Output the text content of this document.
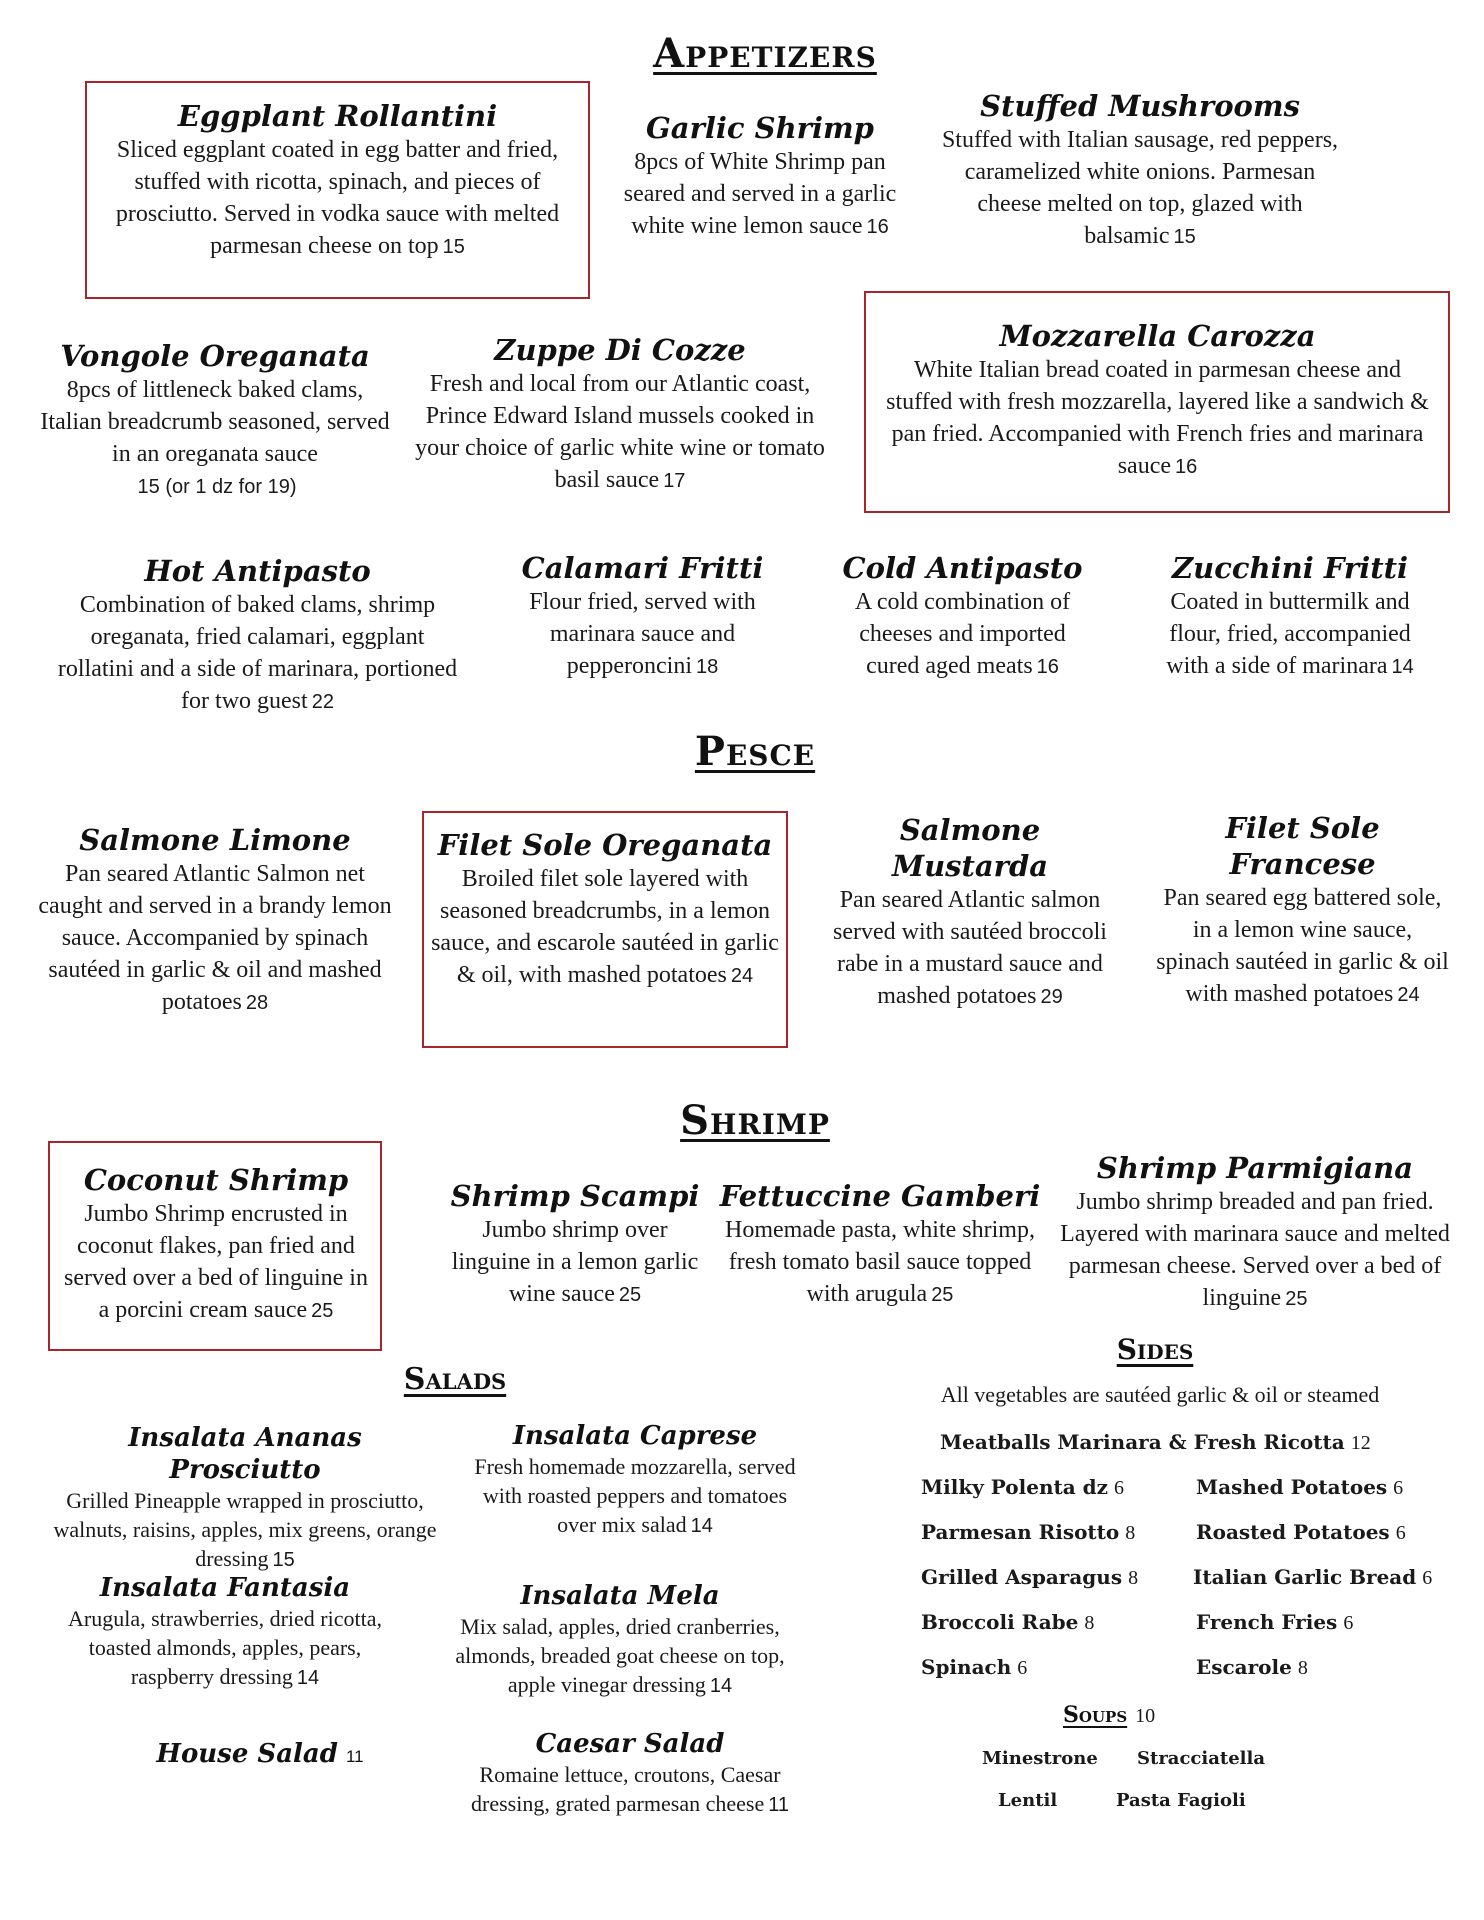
Appetizers
Eggplant Rollantini
Sliced eggplant coated in egg batter and fried, stuffed with ricotta, spinach, and pieces of prosciutto. Served in vodka sauce with melted parmesan cheese on top 15
Garlic Shrimp
8pcs of White Shrimp pan seared and served in a garlic white wine lemon sauce 16
Stuffed Mushrooms
Stuffed with Italian sausage, red peppers, caramelized white onions. Parmesan cheese melted on top, glazed with balsamic 15
Vongole Oreganata
8pcs of littleneck baked clams, Italian breadcrumb seasoned, served in an oreganata sauce
15 (or 1 dz for 19)
Zuppe Di Cozze
Fresh and local from our Atlantic coast, Prince Edward Island mussels cooked in your choice of garlic white wine or tomato basil sauce 17
Mozzarella Carozza
White Italian bread coated in parmesan cheese and stuffed with fresh mozzarella, layered like a sandwich & pan fried. Accompanied with French fries and marinara sauce 16
Hot Antipasto
Combination of baked clams, shrimp oreganata, fried calamari, eggplant rollatini and a side of marinara, portioned for two guest 22
Calamari Fritti
Flour fried, served with marinara sauce and pepperoncini 18
Cold Antipasto
A cold combination of cheeses and imported cured aged meats 16
Zucchini Fritti
Coated in buttermilk and flour, fried, accompanied with a side of marinara 14
Pesce
Salmone Limone
Pan seared Atlantic Salmon net caught and served in a brandy lemon sauce. Accompanied by spinach sautéed in garlic & oil and mashed potatoes 28
Filet Sole Oreganata
Broiled filet sole layered with seasoned breadcrumbs, in a lemon sauce, and escarole sautéed in garlic & oil, with mashed potatoes 24
Salmone Mustarda
Pan seared Atlantic salmon served with sautéed broccoli rabe in a mustard sauce and mashed potatoes 29
Filet Sole Francese
Pan seared egg battered sole, in a lemon wine sauce, spinach sautéed in garlic & oil with mashed potatoes 24
Shrimp
Coconut Shrimp
Jumbo Shrimp encrusted in coconut flakes, pan fried and served over a bed of linguine in a porcini cream sauce 25
Shrimp Scampi
Jumbo shrimp over linguine in a lemon garlic wine sauce 25
Fettuccine Gamberi
Homemade pasta, white shrimp, fresh tomato basil sauce topped with arugula 25
Shrimp Parmigiana
Jumbo shrimp breaded and pan fried. Layered with marinara sauce and melted parmesan cheese. Served over a bed of linguine 25
Salads
Insalata Ananas Prosciutto
Grilled Pineapple wrapped in prosciutto, walnuts, raisins, apples, mix greens, orange dressing 15
Insalata Caprese
Fresh homemade mozzarella, served with roasted peppers and tomatoes over mix salad 14
Insalata Fantasia
Arugula, strawberries, dried ricotta, toasted almonds, apples, pears, raspberry dressing 14
Insalata Mela
Mix salad, apples, dried cranberries, almonds, breaded goat cheese on top, apple vinegar dressing 14
House Salad 11	Caesar Salad
Romaine lettuce, croutons, Caesar dressing, grated parmesan cheese 11
Sides
All vegetables are sautéed garlic & oil or steamed
Meatballs Marinara & Fresh Ricotta 12
Milky Polenta dz 6	Mashed Potatoes 6
Parmesan Risotto 8	Roasted Potatoes 6
Grilled Asparagus 8	Italian Garlic Bread 6
Broccoli Rabe 8	French Fries 6
Spinach 6	Escarole 8
Soups 10
Minestrone Stracciatella
Lentil	Pasta Fagioli
